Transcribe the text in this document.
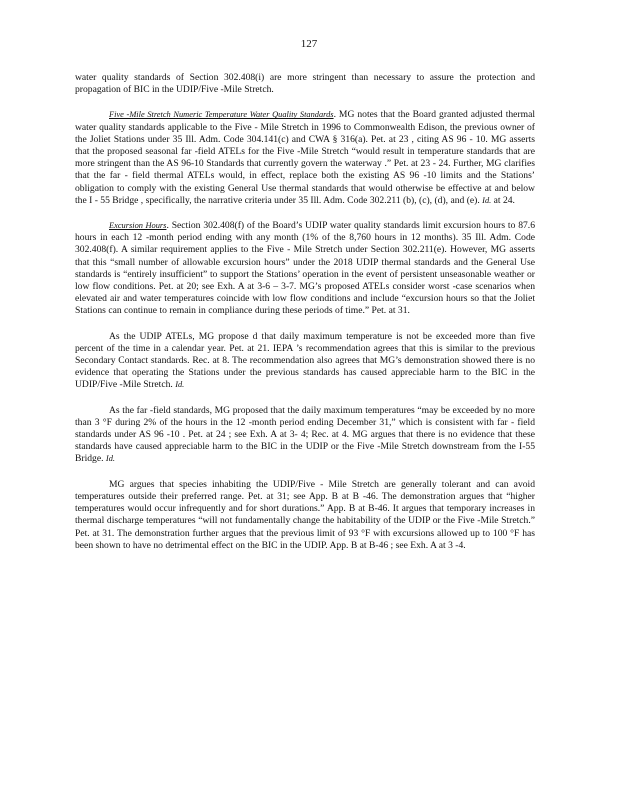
127

water quality standards of Section 302.408(i) are more stringent than necessary to assure the protection and propagation of BIC in the UDIP/Five -Mile Stretch.

Five -Mile Stretch Numeric Temperature Water Quality Standards. MG notes that the Board granted adjusted thermal water quality standards applicable to the Five - Mile Stretch in 1996 to Commonwealth Edison, the previous owner of the Joliet Stations under 35 Ill. Adm. Code 304.141(c) and CWA § 316(a). Pet. at 23 , citing AS 96 - 10. MG asserts that the proposed seasonal far -field ATELs for the Five -Mile Stretch “would result in temperature standards that are more stringent than the AS 96-10 Standards that currently govern the waterway .” Pet. at 23 - 24. Further, MG clarifies that the far - field thermal ATELs would, in effect, replace both the existing AS 96 -10 limits and the Stations’ obligation to comply with the existing General Use thermal standards that would otherwise be effective at and below the I - 55 Bridge , specifically, the narrative criteria under 35 Ill. Adm. Code 302.211 (b), (c), (d), and (e). Id. at 24.

Excursion Hours. Section 302.408(f) of the Board’s UDIP water quality standards limit excursion hours to 87.6 hours in each 12 -month period ending with any month (1% of the 8,760 hours in 12 months). 35 Ill. Adm. Code 302.408(f). A similar requirement applies to the Five - Mile Stretch under Section 302.211(e). However, MG asserts that this “small number of allowable excursion hours” under the 2018 UDIP thermal standards and the General Use standards is “entirely insufficient” to support the Stations’ operation in the event of persistent unseasonable weather or low flow conditions. Pet. at 20; see Exh. A at 3-6 – 3-7. MG’s proposed ATELs consider worst -case scenarios when elevated air and water temperatures coincide with low flow conditions and include “excursion hours so that the Joliet Stations can continue to remain in compliance during these periods of time.” Pet. at 31.

As the UDIP ATELs, MG propose d that daily maximum temperature is not be exceeded more than five percent of the time in a calendar year. Pet. at 21. IEPA ’s recommendation agrees that this is similar to the previous Secondary Contact standards. Rec. at 8. The recommendation also agrees that MG’s demonstration showed there is no evidence that operating the Stations under the previous standards has caused appreciable harm to the BIC in the UDIP/Five -Mile Stretch. Id.

As the far -field standards, MG proposed that the daily maximum temperatures “may be exceeded by no more than 3 °F during 2% of the hours in the 12 -month period ending December 31,” which is consistent with far - field standards under AS 96 -10 . Pet. at 24 ; see Exh. A at 3- 4; Rec. at 4. MG argues that there is no evidence that these standards have caused appreciable harm to the BIC in the UDIP or the Five -Mile Stretch downstream from the I-55 Bridge. Id.

MG argues that species inhabiting the UDIP/Five - Mile Stretch are generally tolerant and can avoid temperatures outside their preferred range. Pet. at 31; see App. B at B -46. The demonstration argues that “higher temperatures would occur infrequently and for short durations.” App. B at B-46. It argues that temporary increases in thermal discharge temperatures “will not fundamentally change the habitability of the UDIP or the Five -Mile Stretch.” Pet. at 31. The demonstration further argues that the previous limit of 93 °F with excursions allowed up to 100 °F has been shown to have no detrimental effect on the BIC in the UDIP. App. B at B-46 ; see Exh. A at 3 -4.
